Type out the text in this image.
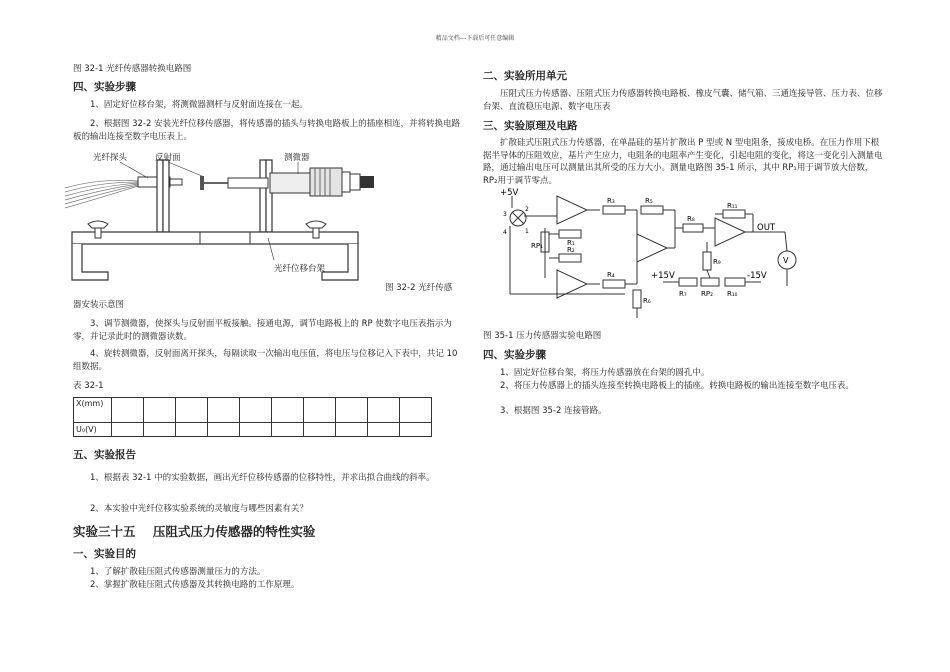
精品文档---下载后可任意编辑
图 32-1 光纤传感器转换电路图
四、实验步骤

1、固定好位移台架，将测微器测杆与反射面连接在一起。

2、根据图 32-2 安装光纤位移传感器，将传感器的插头与转换电路板上的插座相连，并将转换电路板的输出连接至数字电压表上。

光纤探头	反射面	测微器
光纤位移台架
图 32-2 光纤传感
器安装示意图

3、调节测微器，使探头与反射面平板接触。接通电源，调节电路板上的 RP 使数字电压表指示为零，并记录此时的测微器读数。

4、旋转测微器，反射面离开探头，每隔读取一次输出电压值，将电压与位移记入下表中，共记 10 组数据。

表 32-1
X(mm)										
U₀(V)										
五、实验报告

1、根据表 32-1 中的实验数据，画出光纤位移传感器的位移特性，并求出拟合曲线的斜率。

2、本实验中光纤位移实验系统的灵敏度与哪些因素有关？

实验三十五    压阻式压力传感器的特性实验
一、实验目的

1、了解扩散硅压阻式传感器测量压力的方法。

2、掌握扩散硅压阻式传感器及其转换电路的工作原理。

二、实验所用单元

压阻式压力传感器、压阻式压力传感器转换电路板、橡皮气囊、储气箱、三通连接导管、压力表、位移台架、直流稳压电源、数字电压表

三、实验原理及电路

扩散硅式压阻式压力传感器，在单晶硅的基片扩散出 P 型或 N 型电阻条，接成电桥。在压力作用下根据半导体的压阻效应，基片产生应力，电阻条的电阻率产生变化，引起电阻的变化，将这一变化引入测量电路，通过输出电压可以测量出其所受的压力大小。测量电路图 35-1 所示，其中 RP₁用于调节放大倍数，RP₂用于调节零点。

+5V
1
2
3
4
R₃	R₅
R₁
RP₁	R₂
R₄
R₆
R₈
R₁₁
OUT
R₉
+15V	-15V
R₇ RP₂ R₁₀
V
图 35-1 压力传感器实验电路图
四、实验步骤

1、固定好位移台架，将压力传感器放在台架的圆孔中。

2、将压力传感器上的插头连接至转换电路板上的插座。转换电路板的输出连接至数字电压表。

3、根据图 35-2 连接管路。
